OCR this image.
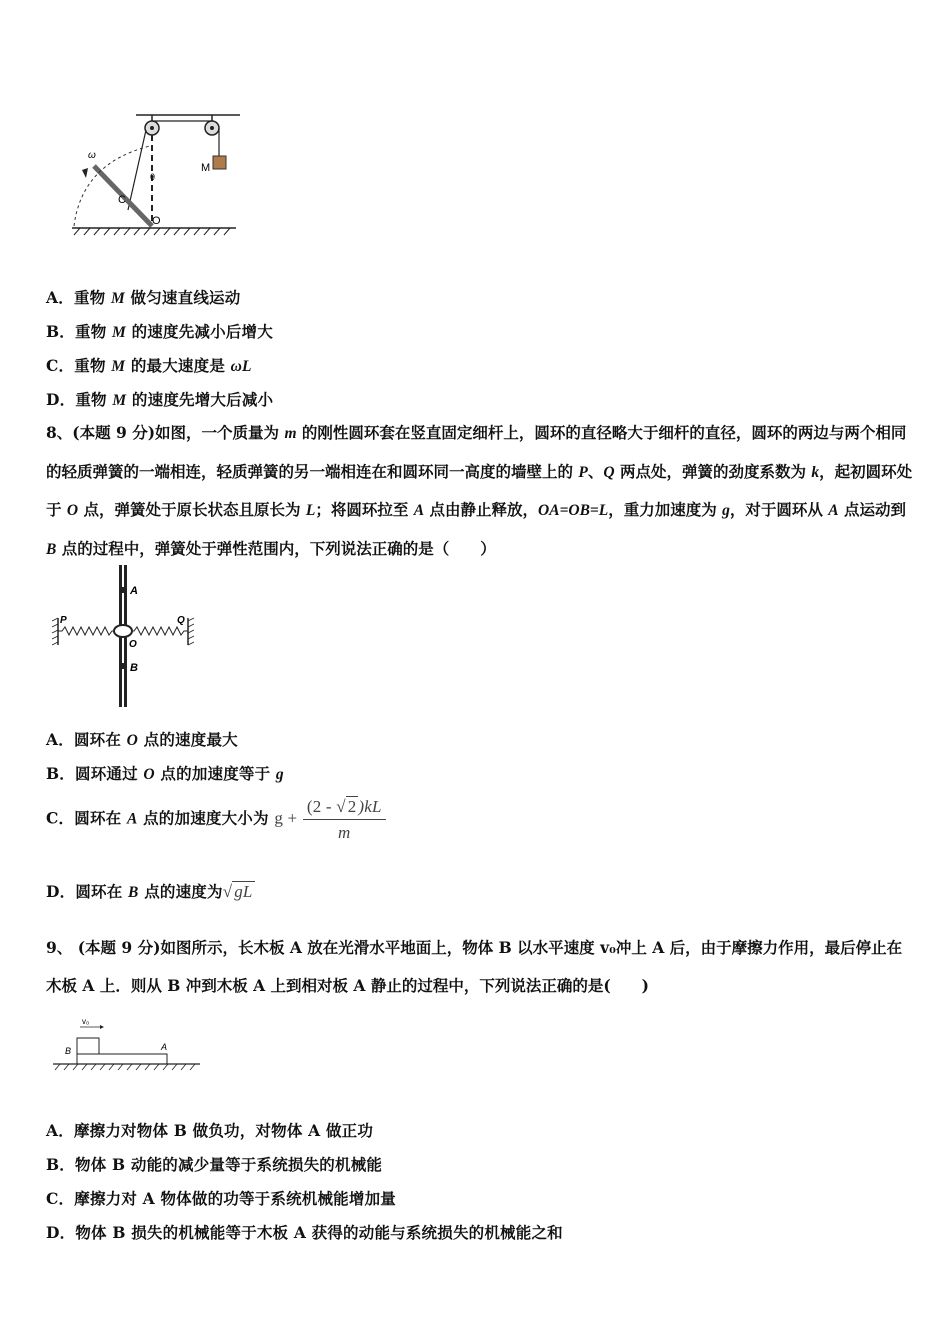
M
θ
ω
C
O
A．重物 M 做匀速直线运动
B．重物 M 的速度先减小后增大
C．重物 M 的最大速度是 ωL
D．重物 M 的速度先增大后减小
8、(本题 9 分)如图，一个质量为 m 的刚性圆环套在竖直固定细杆上，圆环的直径略大于细杆的直径，圆环的两边与两个相同的轻质弹簧的一端相连，轻质弹簧的另一端相连在和圆环同一高度的墙壁上的 P、Q 两点处，弹簧的劲度系数为 k，起初圆环处于 O 点，弹簧处于原长状态且原长为 L；将圆环拉至 A 点由静止释放，OA=OB=L，重力加速度为 g，对于圆环从 A 点运动到 B 点的过程中，弹簧处于弹性范围内，下列说法正确的是（　　）
A
B
O
P	Q
A．圆环在 O 点的速度最大
B．圆环通过 O 点的加速度等于 g
C．圆环在 A 点的加速度大小为 $g + \frac{(2 - √ 2 )kL}{m}$
D．圆环在 B 点的速度为√ gL
9、 (本题 9 分)如图所示，长木板 A 放在光滑水平地面上，物体 B 以水平速度 v₀冲上 A 后，由于摩擦力作用，最后停止在木板 A 上．则从 B 冲到木板 A 上到相对板 A 静止的过程中，下列说法正确的是(　　)
v₀
B	A
A．摩擦力对物体 B 做负功，对物体 A 做正功
B．物体 B 动能的减少量等于系统损失的机械能
C．摩擦力对 A 物体做的功等于系统机械能增加量
D．物体 B 损失的机械能等于木板 A 获得的动能与系统损失的机械能之和
